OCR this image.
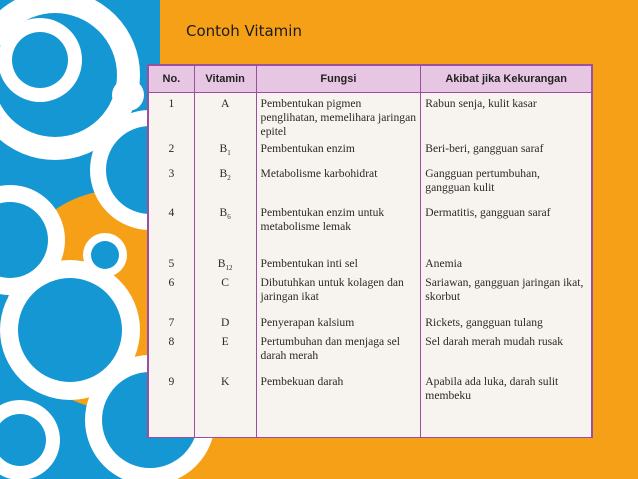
Contoh Vitamin
No.	Vitamin	Fungsi	Akibat jika Kekurangan
1	A	Pembentukan pigmen penglihatan, memelihara jaringan epitel	Rabun senja, kulit kasar
2	$B_1$	Pembentukan enzim	Beri-beri, gangguan saraf
3	$B_2$	Metabolisme karbohidrat	Gangguan pertumbuhan, gangguan kulit
4	$B_6$	Pembentukan enzim untuk metabolisme lemak	Dermatitis, gangguan saraf
5	$B_{12}$	Pembentukan inti sel	Anemia
6	C	Dibutuhkan untuk kolagen dan jaringan ikat	Sariawan, gangguan jaringan ikat, skorbut
7	D	Penyerapan kalsium	Rickets, gangguan tulang
8	E	Pertumbuhan dan menjaga sel darah merah	Sel darah merah mudah rusak
9	K	Pembekuan darah	Apabila ada luka, darah sulit membeku
